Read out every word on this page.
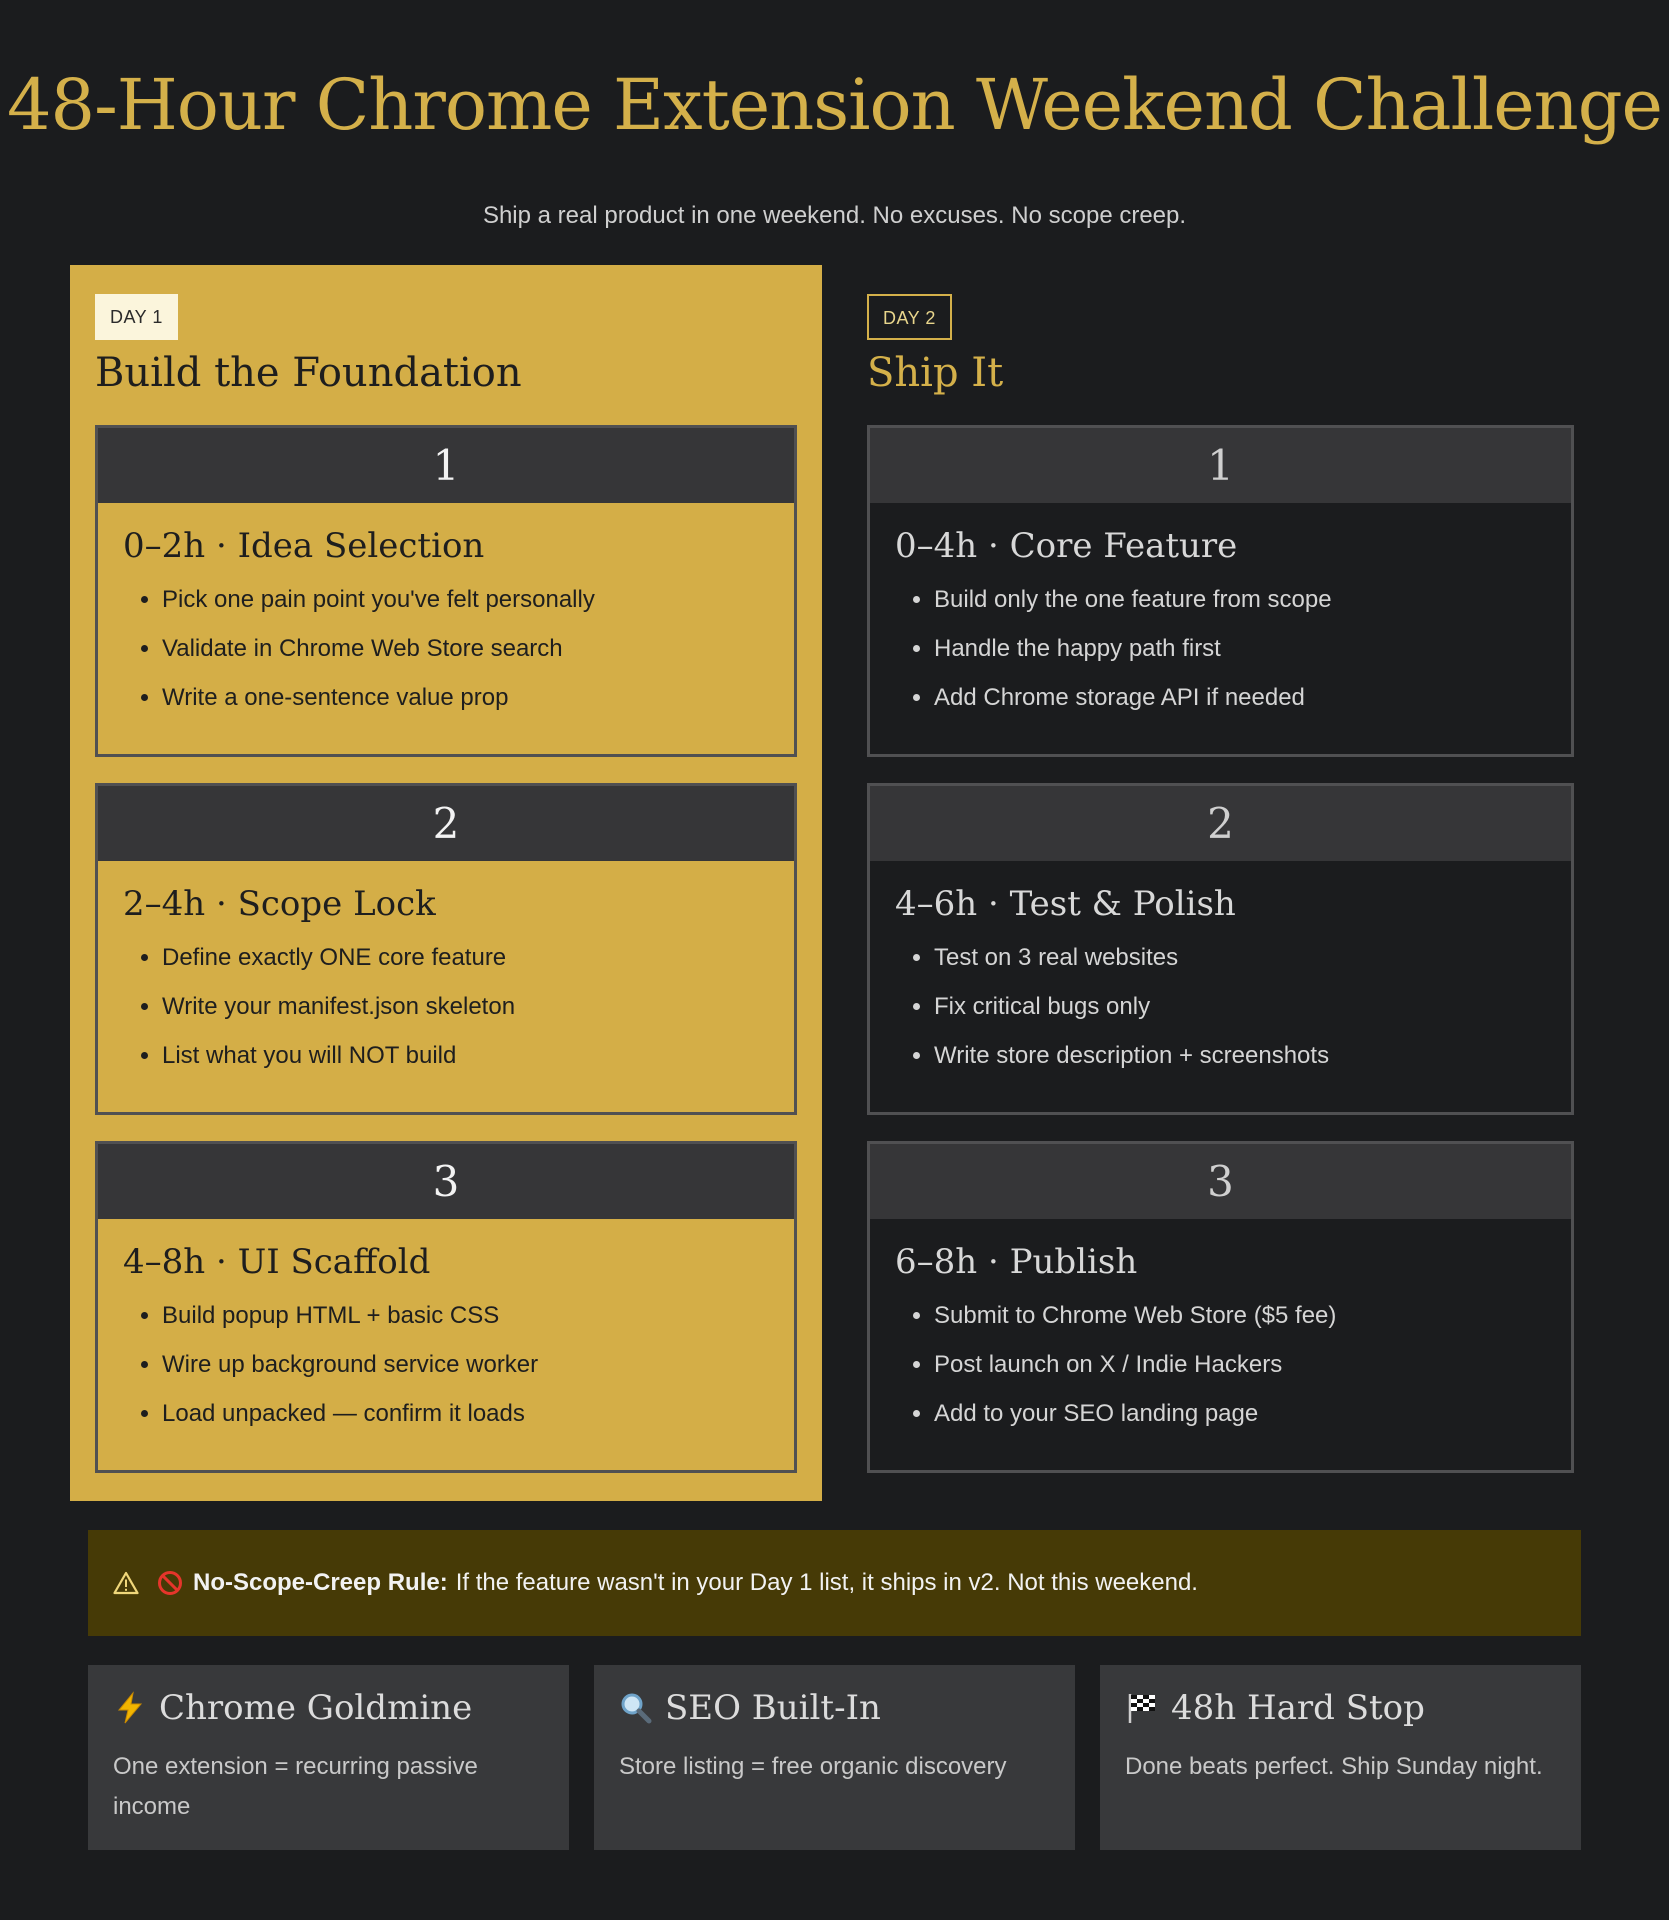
48-Hour Chrome Extension Weekend Challenge
Ship a real product in one weekend. No excuses. No scope creep.
DAY 1
Build the Foundation
1
0–2h · Idea Selection
• Pick one pain point you've felt personally
• Validate in Chrome Web Store search
• Write a one-sentence value prop
2
2–4h · Scope Lock
• Define exactly ONE core feature
• Write your manifest.json skeleton
• List what you will NOT build
3
4–8h · UI Scaffold
• Build popup HTML + basic CSS
• Wire up background service worker
• Load unpacked — confirm it loads
DAY 2
Ship It
1
0–4h · Core Feature
• Build only the one feature from scope
• Handle the happy path first
• Add Chrome storage API if needed
2
4–6h · Test & Polish
• Test on 3 real websites
• Fix critical bugs only
• Write store description + screenshots
3
6–8h · Publish
• Submit to Chrome Web Store ($5 fee)
• Post launch on X / Indie Hackers
• Add to your SEO landing page
No-Scope-Creep Rule: If the feature wasn't in your Day 1 list, it ships in v2. Not this weekend.
Chrome Goldmine
One extension = recurring passive income
SEO Built-In
Store listing = free organic discovery
48h Hard Stop
Done beats perfect. Ship Sunday night.
